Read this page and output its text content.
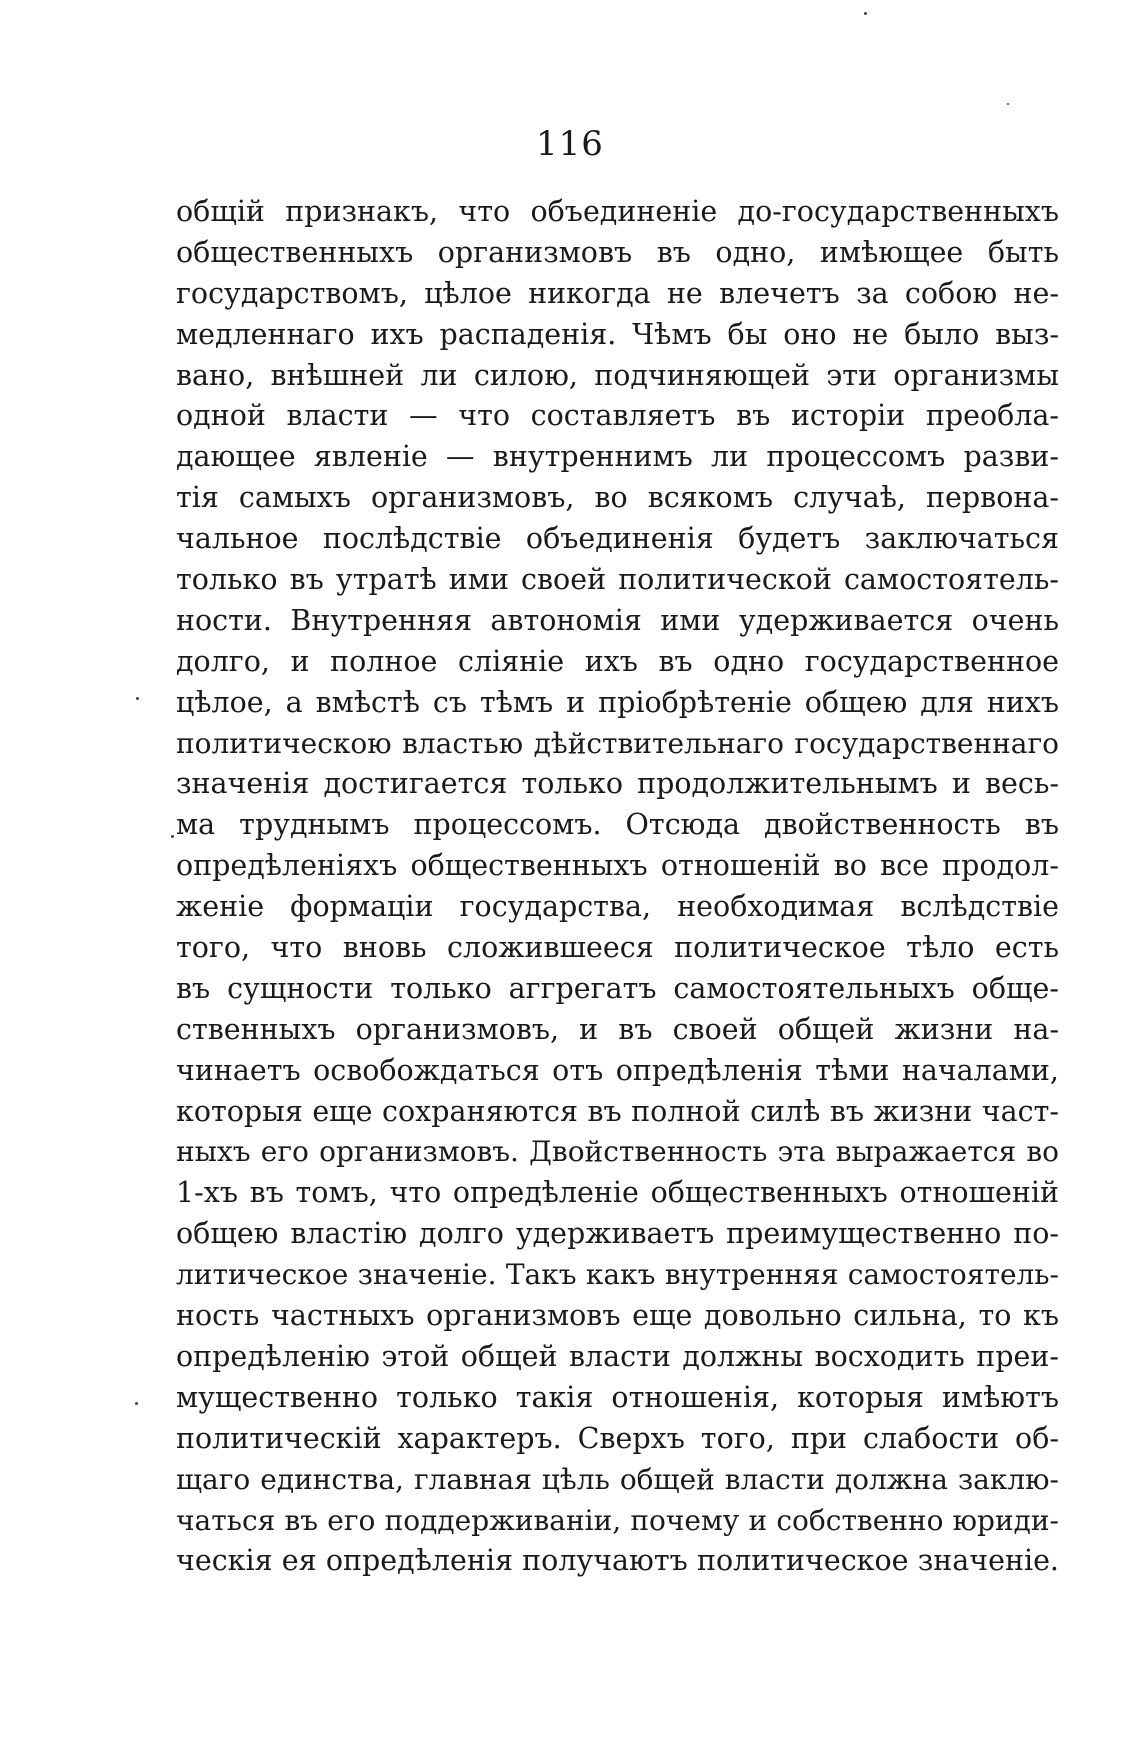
116
общій признакъ, что объединеніе до-государственныхъ
общественныхъ организмовъ въ одно, имѣющее быть
государствомъ, цѣлое никогда не влечетъ за собою не-
медленнаго ихъ распаденія. Чѣмъ бы оно не было выз-
вано, внѣшней ли силою, подчиняющей эти организмы
одной власти — что составляетъ въ исторіи преобла-
дающее явленіе — внутреннимъ ли процессомъ разви-
тія самыхъ организмовъ, во всякомъ случаѣ, первона-
чальное послѣдствіе объединенія будетъ заключаться
только въ утратѣ ими своей политической самостоятель-
ности. Внутренняя автономія ими удерживается очень
долго, и полное сліяніе ихъ въ одно государственное
цѣлое, а вмѣстѣ съ тѣмъ и пріобрѣтеніе общею для нихъ
политическою властью дѣйствительнаго государственнаго
значенія достигается только продолжительнымъ и весь-
ма труднымъ процессомъ. Отсюда двойственность въ
опредѣленіяхъ общественныхъ отношеній во все продол-
женіе формаціи государства, необходимая вслѣдствіе
того, что вновь сложившееся политическое тѣло есть
въ сущности только аггрегатъ самостоятельныхъ обще-
ственныхъ организмовъ, и въ своей общей жизни на-
чинаетъ освобождаться отъ опредѣленія тѣми началами,
которыя еще сохраняются въ полной силѣ въ жизни част-
ныхъ его организмовъ. Двойственность эта выражается во
1-хъ въ томъ, что опредѣленіе общественныхъ отношеній
общею властію долго удерживаетъ преимущественно по-
литическое значеніе. Такъ какъ внутренняя самостоятель-
ность частныхъ организмовъ еще довольно сильна, то къ
опредѣленію этой общей власти должны восходить преи-
мущественно только такія отношенія, которыя имѣютъ
политическій характеръ. Сверхъ того, при слабости об-
щаго единства, главная цѣль общей власти должна заклю-
чаться въ его поддерживаніи, почему и собственно юриди-
ческія ея опредѣленія получаютъ политическое значеніе.
